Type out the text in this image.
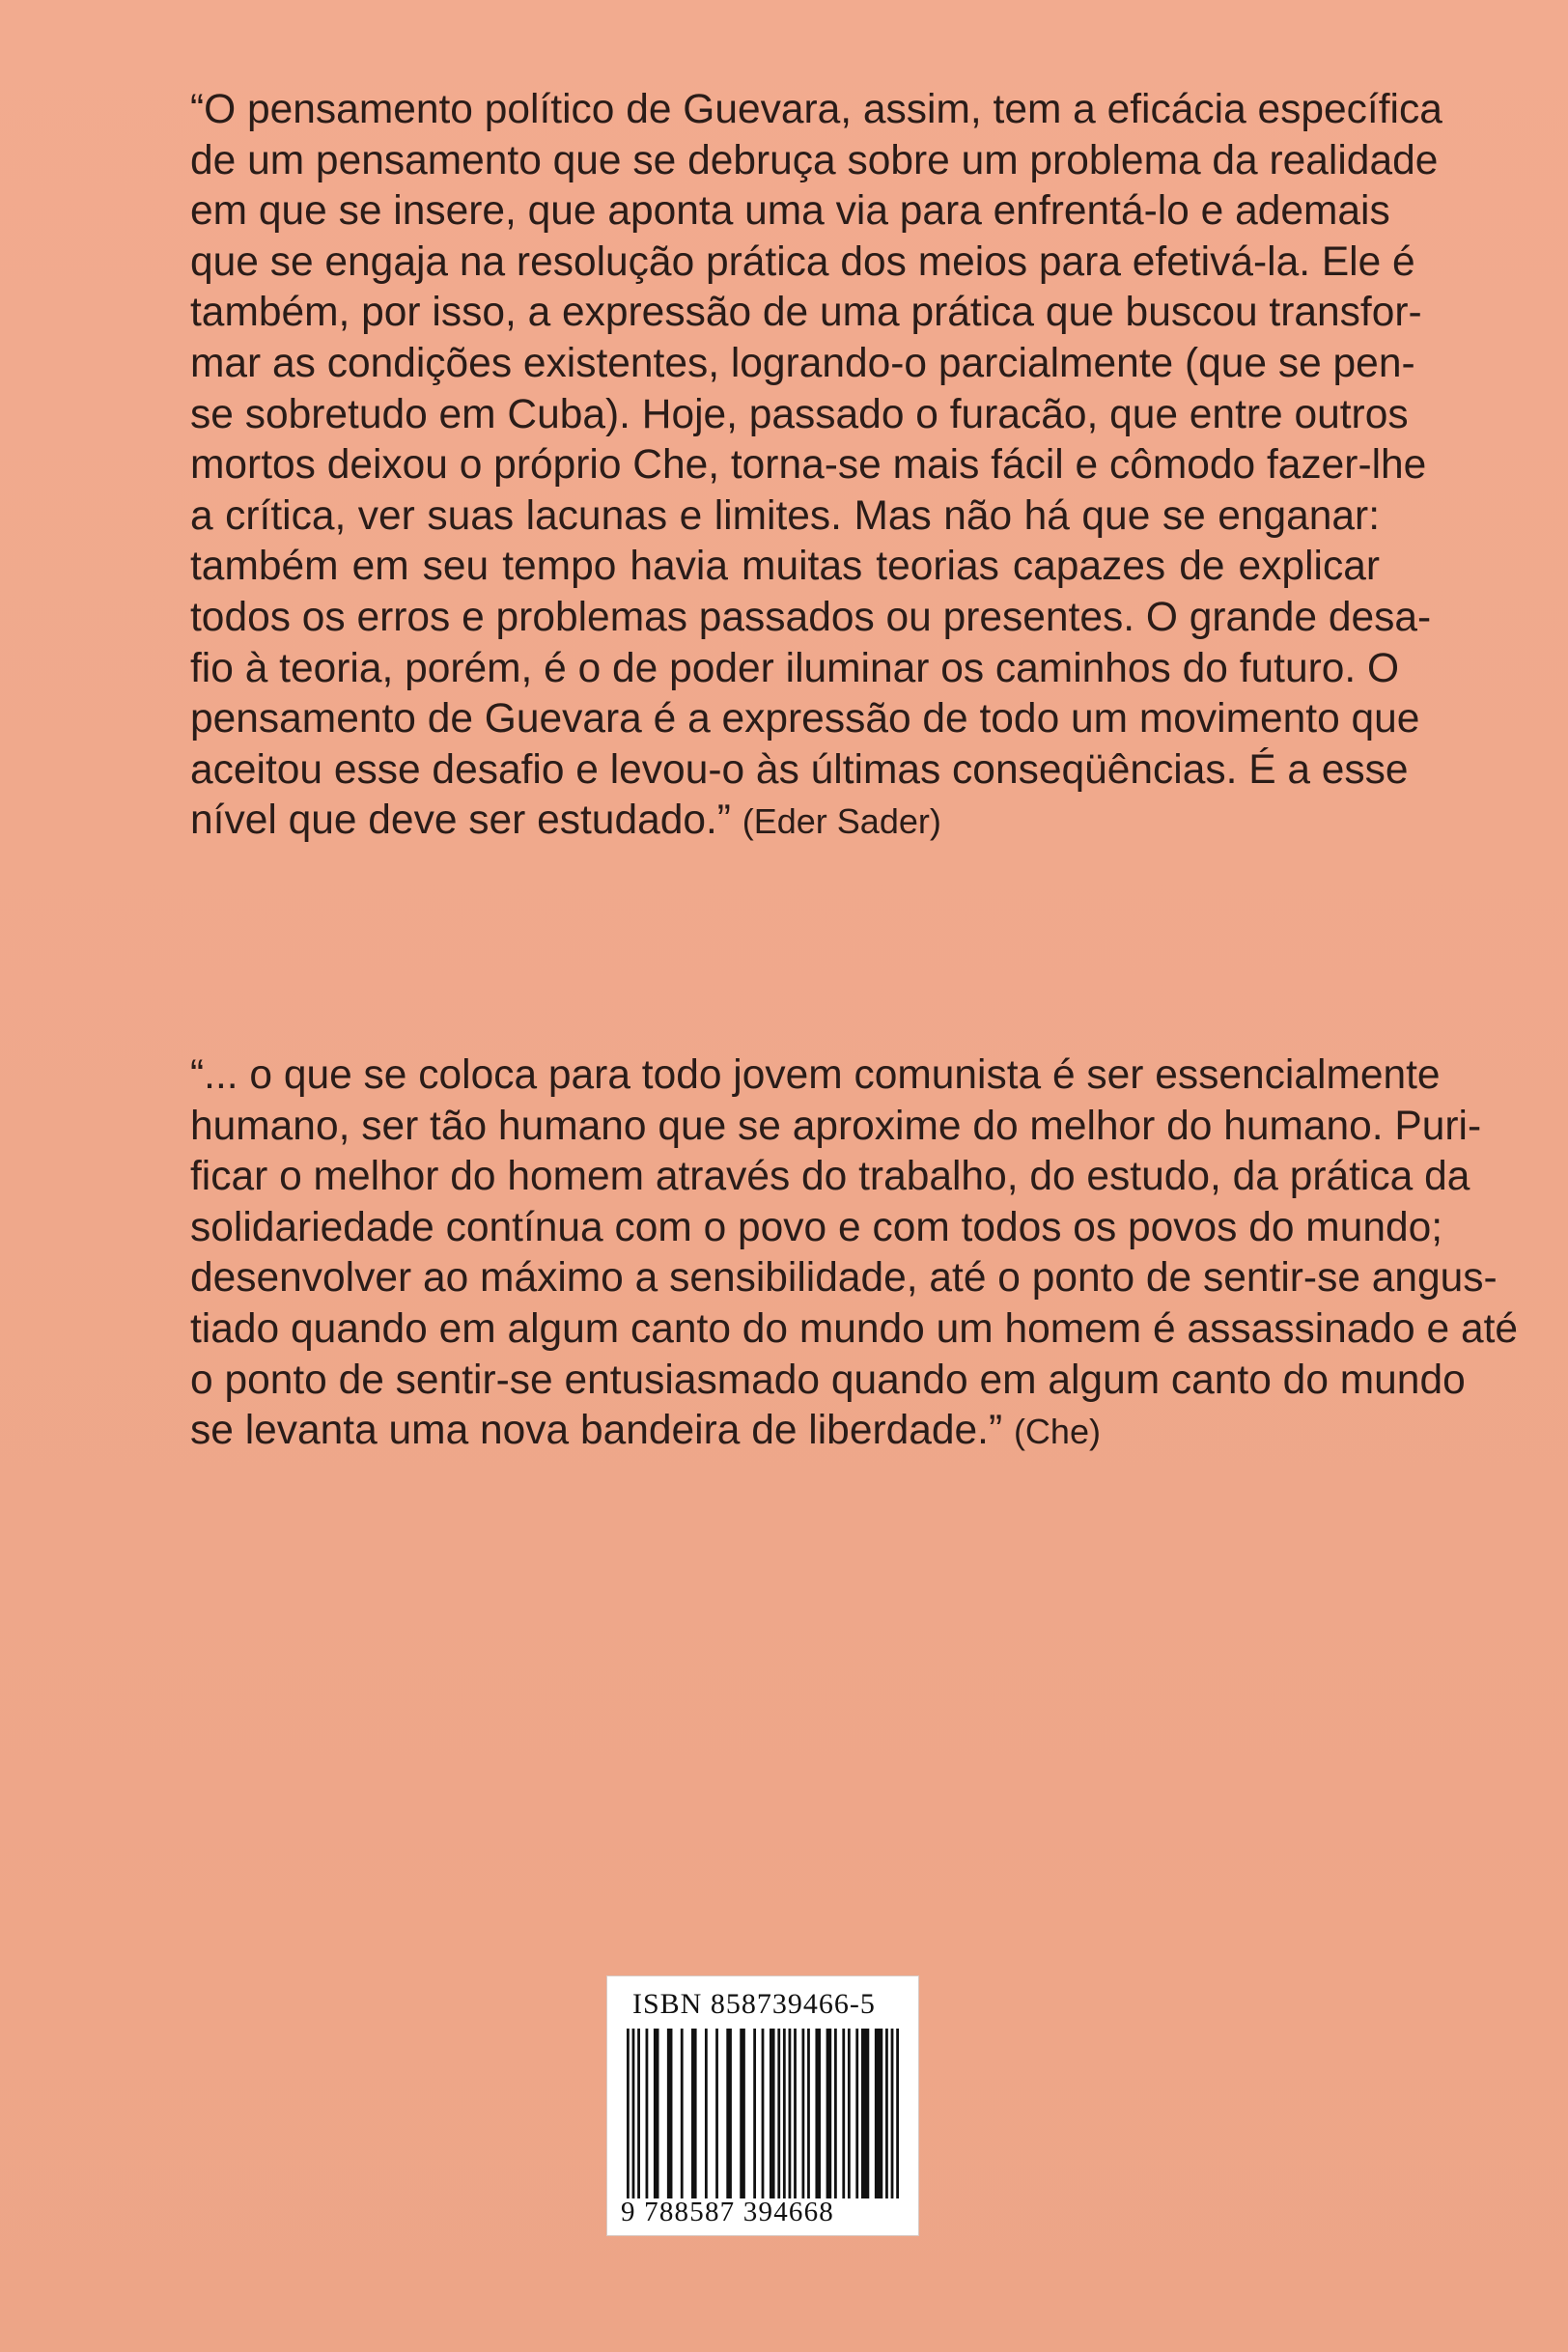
“O pensamento político de Guevara, assim, tem a eficácia específica
de um pensamento que se debruça sobre um problema da realidade
em que se insere, que aponta uma via para enfrentá-lo e ademais
que se engaja na resolução prática dos meios para efetivá-la. Ele é
também, por isso, a expressão de uma prática que buscou transfor-
mar as condições existentes, logrando-o parcialmente (que se pen-
se sobretudo em Cuba). Hoje, passado o furacão, que entre outros
mortos deixou o próprio Che, torna-se mais fácil e cômodo fazer-lhe
a crítica, ver suas lacunas e limites. Mas não há que se enganar:
também em seu tempo havia muitas teorias capazes de explicar
todos os erros e problemas passados ou presentes. O grande desa-
fio à teoria, porém, é o de poder iluminar os caminhos do futuro. O
pensamento de Guevara é a expressão de todo um movimento que
aceitou esse desafio e levou-o às últimas conseqüências. É a esse
nível que deve ser estudado.” (Eder Sader)
“... o que se coloca para todo jovem comunista é ser essencialmente
humano, ser tão humano que se aproxime do melhor do humano. Puri-
ficar o melhor do homem através do trabalho, do estudo, da prática da
solidariedade contínua com o povo e com todos os povos do mundo;
desenvolver ao máximo a sensibilidade, até o ponto de sentir-se angus-
tiado quando em algum canto do mundo um homem é assassinado e até
o ponto de sentir-se entusiasmado quando em algum canto do mundo
se levanta uma nova bandeira de liberdade.” (Che)
ISBN 858739466-5
9 788587 394668
